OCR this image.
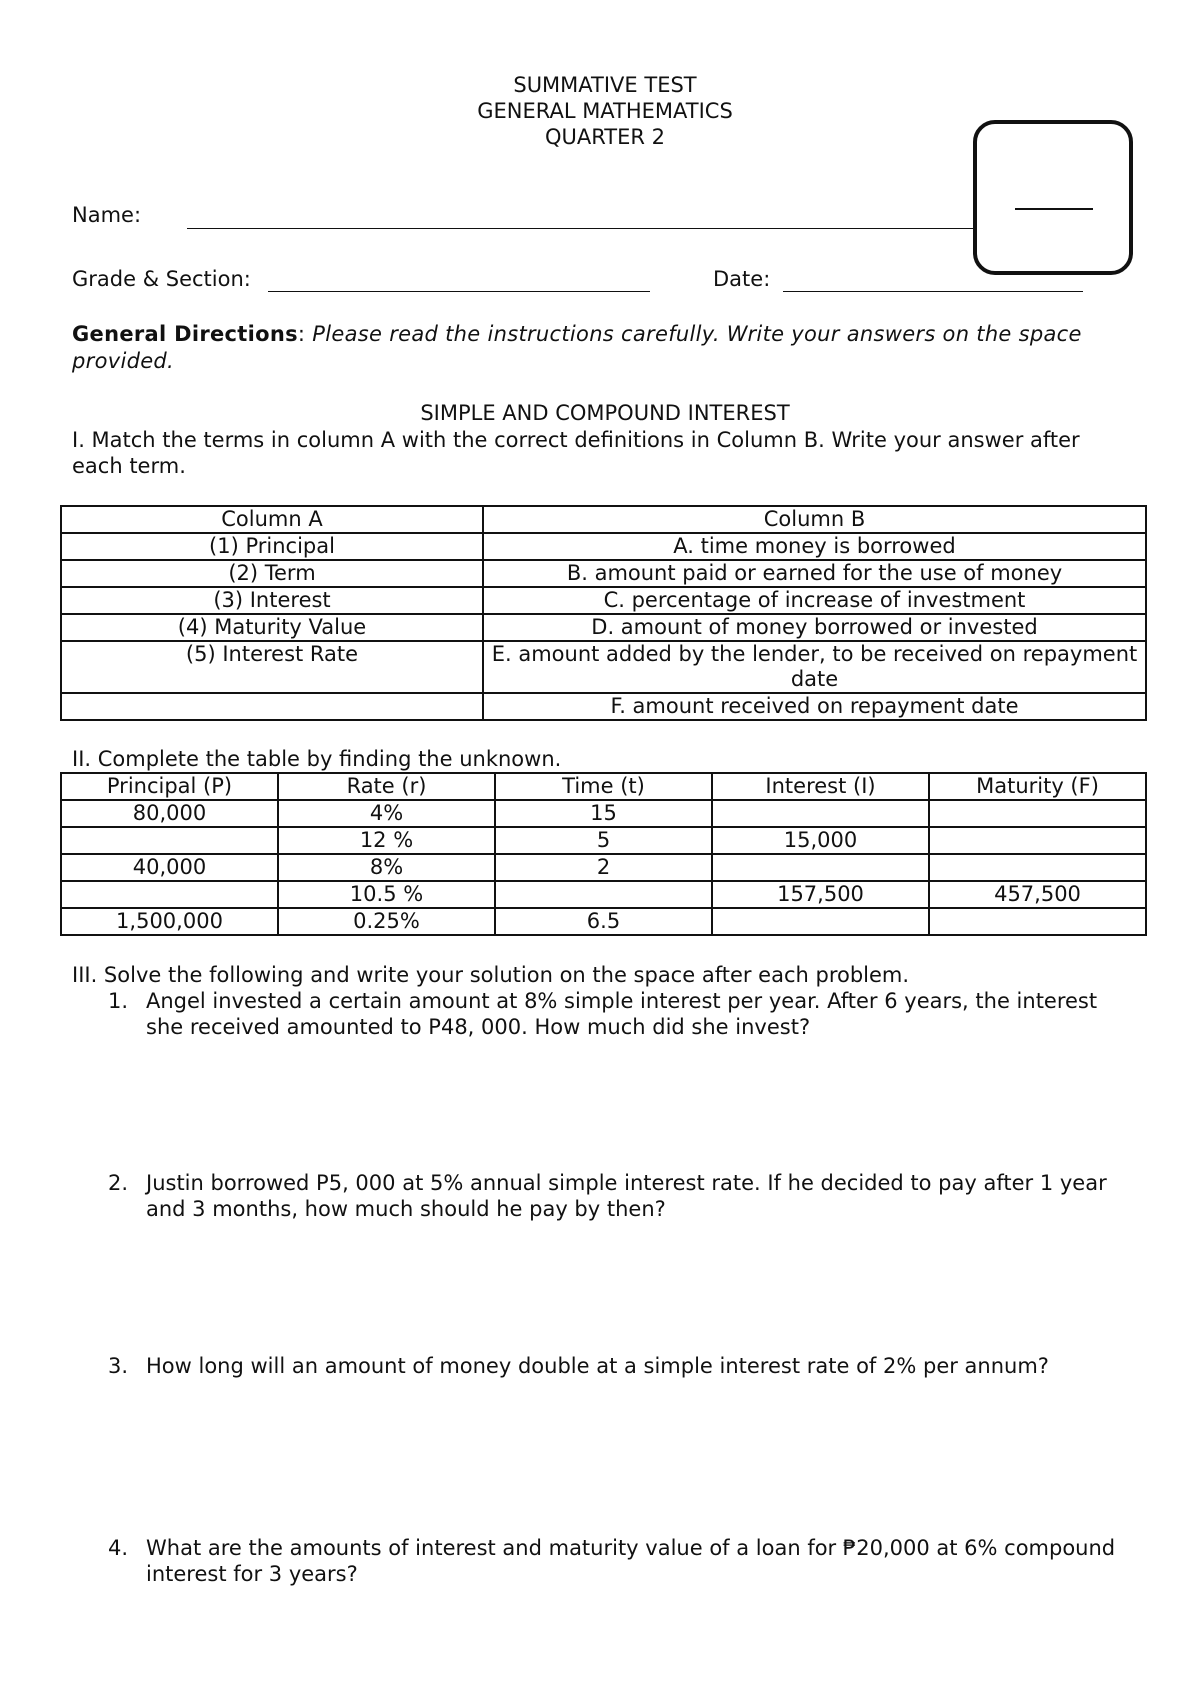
SUMMATIVE TEST
GENERAL MATHEMATICS
QUARTER 2
Name:
Grade & Section:	Date:
General Directions: Please read the instructions carefully. Write your answers on the space provided.
SIMPLE AND COMPOUND INTEREST
I. Match the terms in column A with the correct definitions in Column B. Write your answer after each term.
Column A	Column B
(1) Principal	A. time money is borrowed
(2) Term	B. amount paid or earned for the use of money
(3) Interest	C. percentage of increase of investment
(4) Maturity Value	D. amount of money borrowed or invested
(5) Interest Rate	E. amount added by the lender, to be received on repayment date
	F. amount received on repayment date
II. Complete the table by finding the unknown.
Principal (P)	Rate (r)	Time (t)	Interest (I)	Maturity (F)
80,000	4%	15		
	12 %	5	15,000	
40,000	8%	2		
	10.5 %		157,500	457,500
1,500,000	0.25%	6.5		
III. Solve the following and write your solution on the space after each problem.
1. Angel invested a certain amount at 8% simple interest per year. After 6 years, the interest she received amounted to P48, 000. How much did she invest?
2. Justin borrowed P5, 000 at 5% annual simple interest rate. If he decided to pay after 1 year and 3 months, how much should he pay by then?
3. How long will an amount of money double at a simple interest rate of 2% per annum?
4. What are the amounts of interest and maturity value of a loan for ₱20,000 at 6% compound interest for 3 years?
